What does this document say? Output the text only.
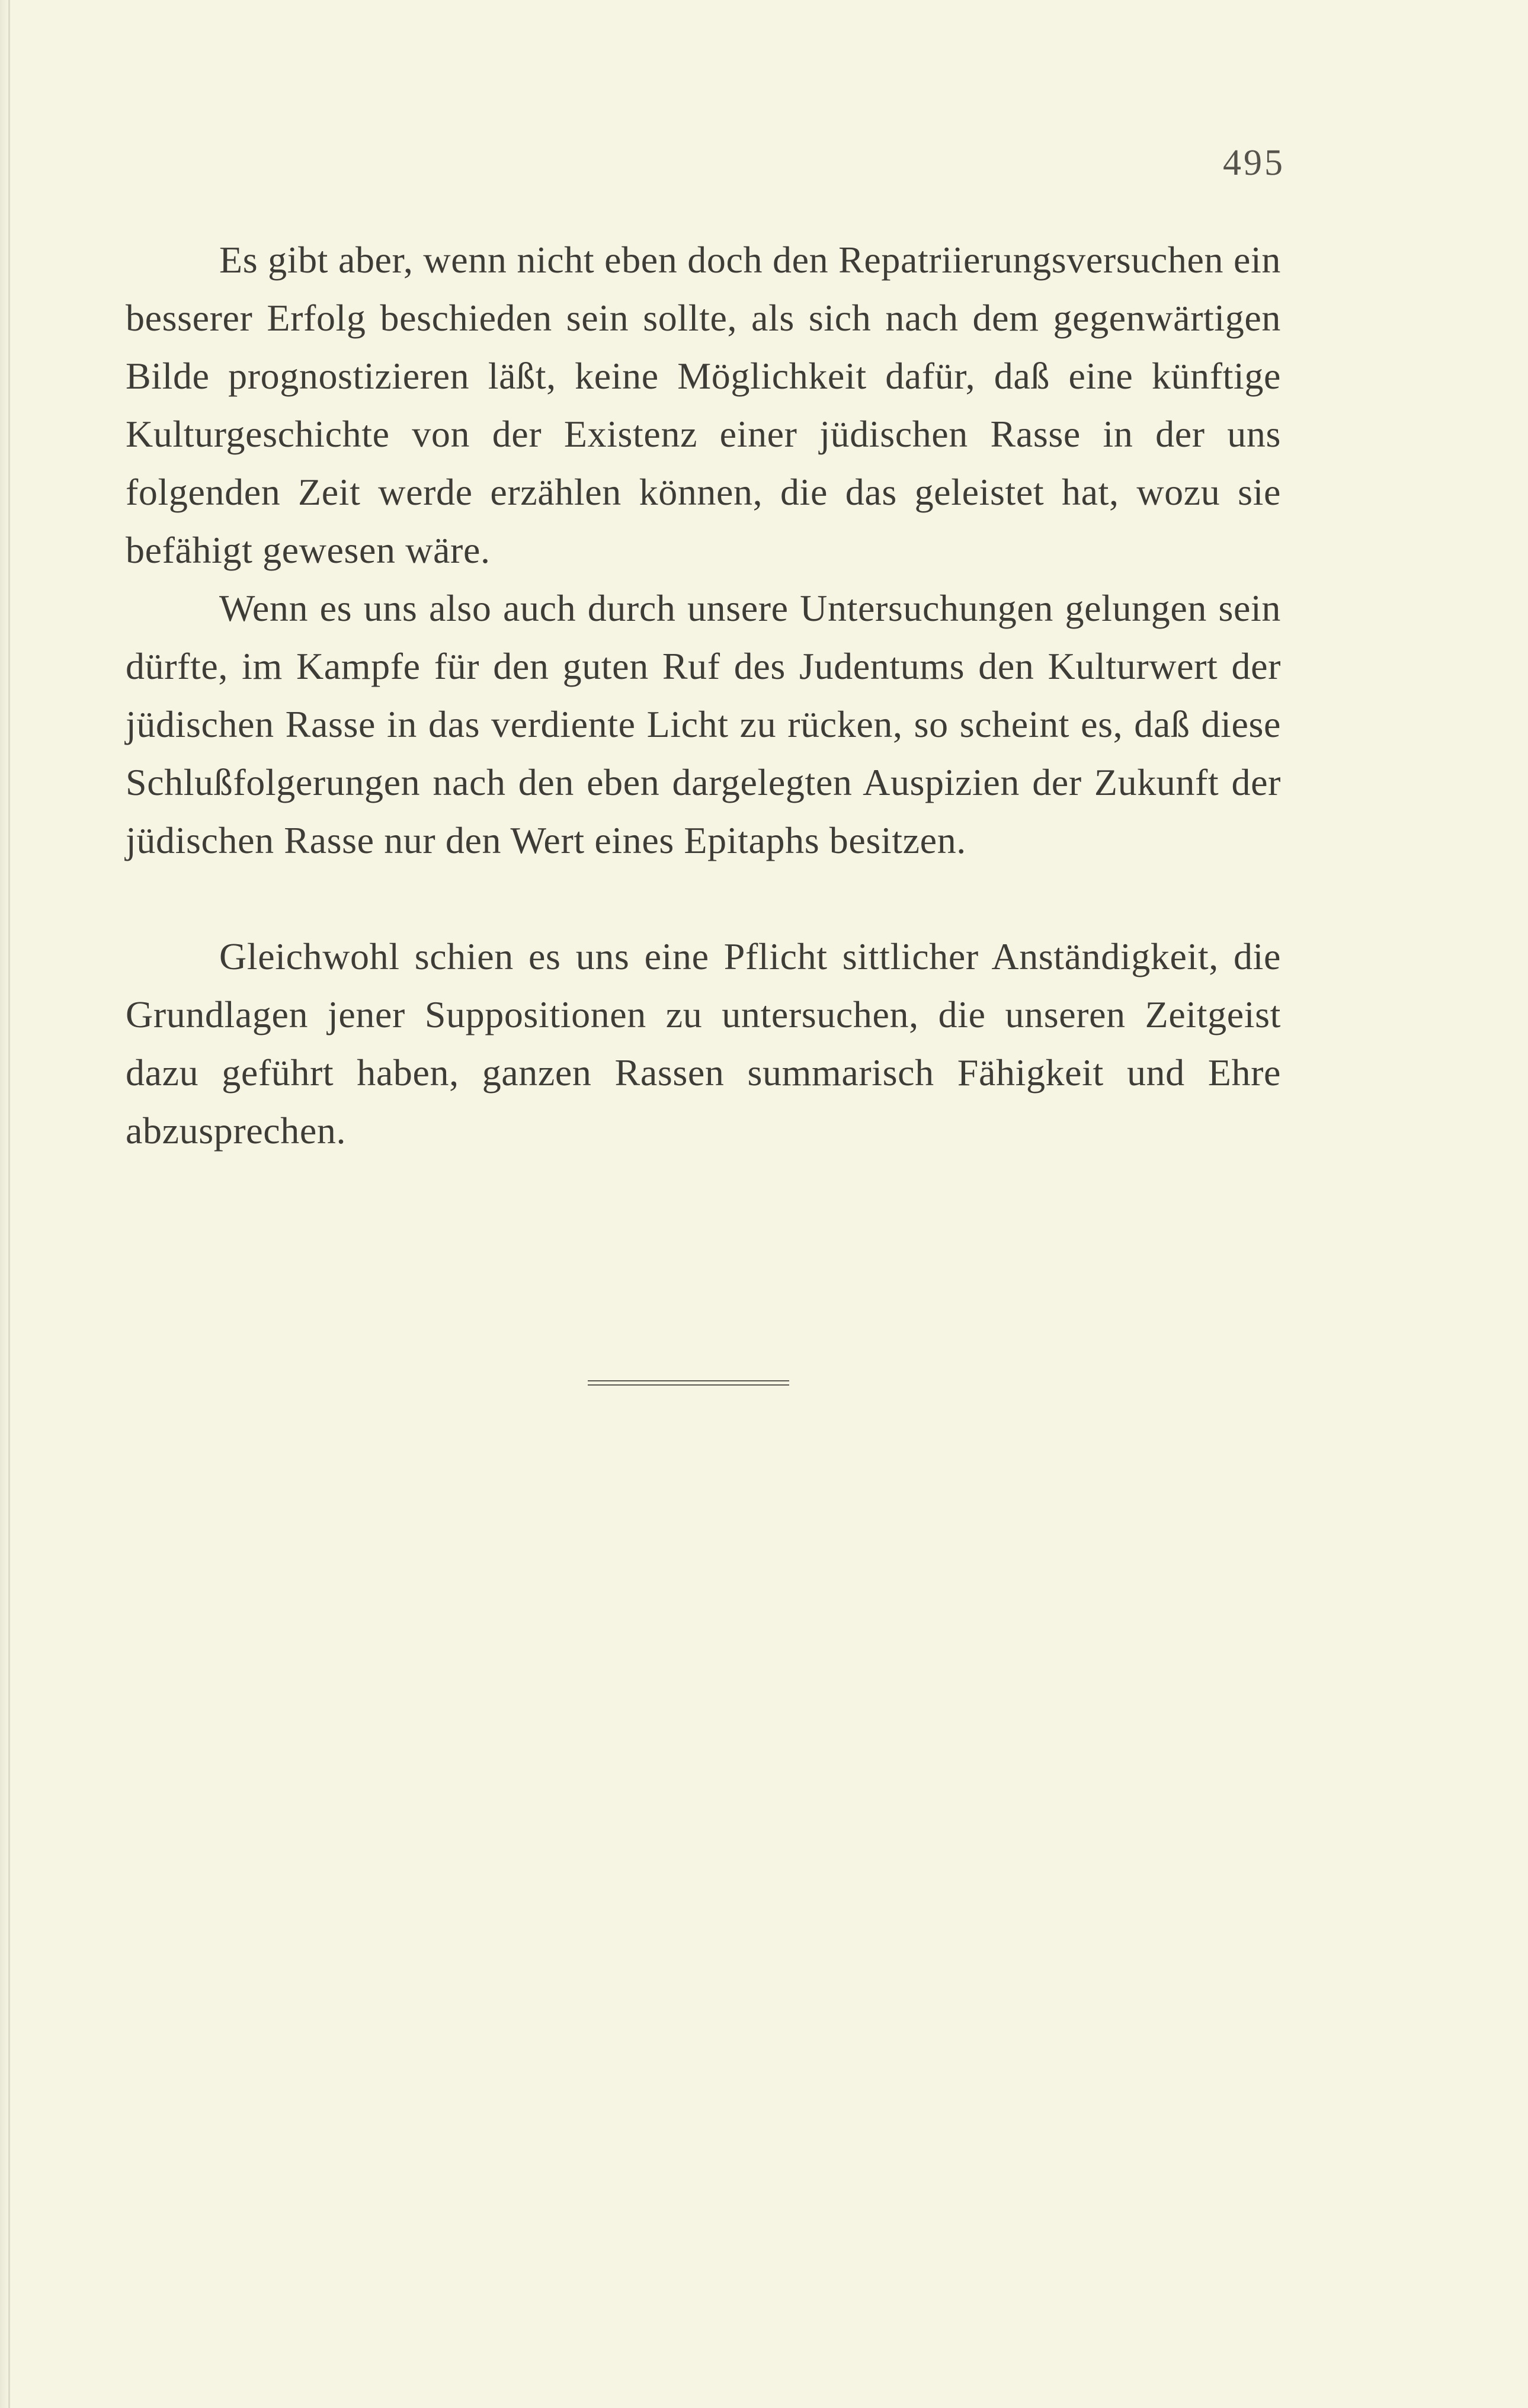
495

Es gibt aber, wenn nicht eben doch den Repatriierungsversuchen ein besserer Erfolg beschieden sein sollte, als sich nach dem gegenwärtigen Bilde prognostizieren läßt, keine Möglichkeit dafür, daß eine künftige Kulturgeschichte von der Existenz einer jüdischen Rasse in der uns folgenden Zeit werde erzählen können, die das geleistet hat, wozu sie befähigt gewesen wäre.

Wenn es uns also auch durch unsere Untersuchungen gelungen sein dürfte, im Kampfe für den guten Ruf des Judentums den Kulturwert der jüdischen Rasse in das verdiente Licht zu rücken, so scheint es, daß diese Schlußfolgerungen nach den eben dargelegten Auspizien der Zukunft der jüdischen Rasse nur den Wert eines Epitaphs besitzen.

Gleichwohl schien es uns eine Pflicht sittlicher Anständigkeit, die Grundlagen jener Suppositionen zu untersuchen, die unseren Zeitgeist dazu geführt haben, ganzen Rassen summarisch Fähigkeit und Ehre abzusprechen.
